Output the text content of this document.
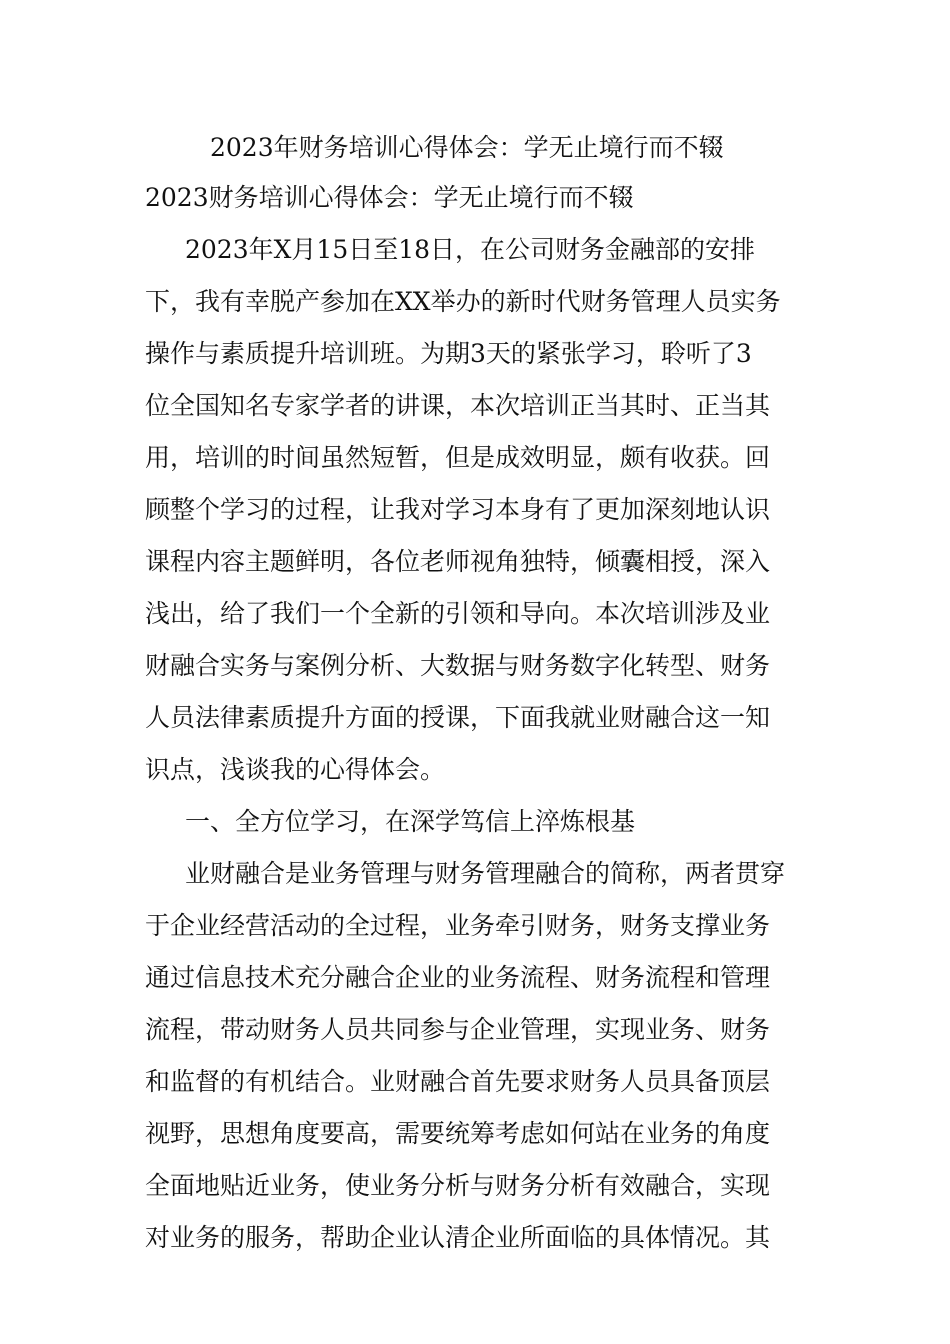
2023年财务培训心得体会：学无止境行而不辍
2023财务培训心得体会：学无止境行而不辍
2023年X月15日至18日，在公司财务金融部的安排
下，我有幸脱产参加在XX举办的新时代财务管理人员实务
操作与素质提升培训班。为期3天的紧张学习，聆听了3
位全国知名专家学者的讲课，本次培训正当其时、正当其
用，培训的时间虽然短暂，但是成效明显，颇有收获。回
顾整个学习的过程，让我对学习本身有了更加深刻地认识
课程内容主题鲜明，各位老师视角独特，倾囊相授，深入
浅出，给了我们一个全新的引领和导向。本次培训涉及业
财融合实务与案例分析、大数据与财务数字化转型、财务
人员法律素质提升方面的授课，下面我就业财融合这一知
识点，浅谈我的心得体会。
一、全方位学习，在深学笃信上淬炼根基
业财融合是业务管理与财务管理融合的简称，两者贯穿
于企业经营活动的全过程，业务牵引财务，财务支撑业务
通过信息技术充分融合企业的业务流程、财务流程和管理
流程，带动财务人员共同参与企业管理，实现业务、财务
和监督的有机结合。业财融合首先要求财务人员具备顶层
视野，思想角度要高，需要统筹考虑如何站在业务的角度
全面地贴近业务，使业务分析与财务分析有效融合，实现
对业务的服务，帮助企业认清企业所面临的具体情况。其
